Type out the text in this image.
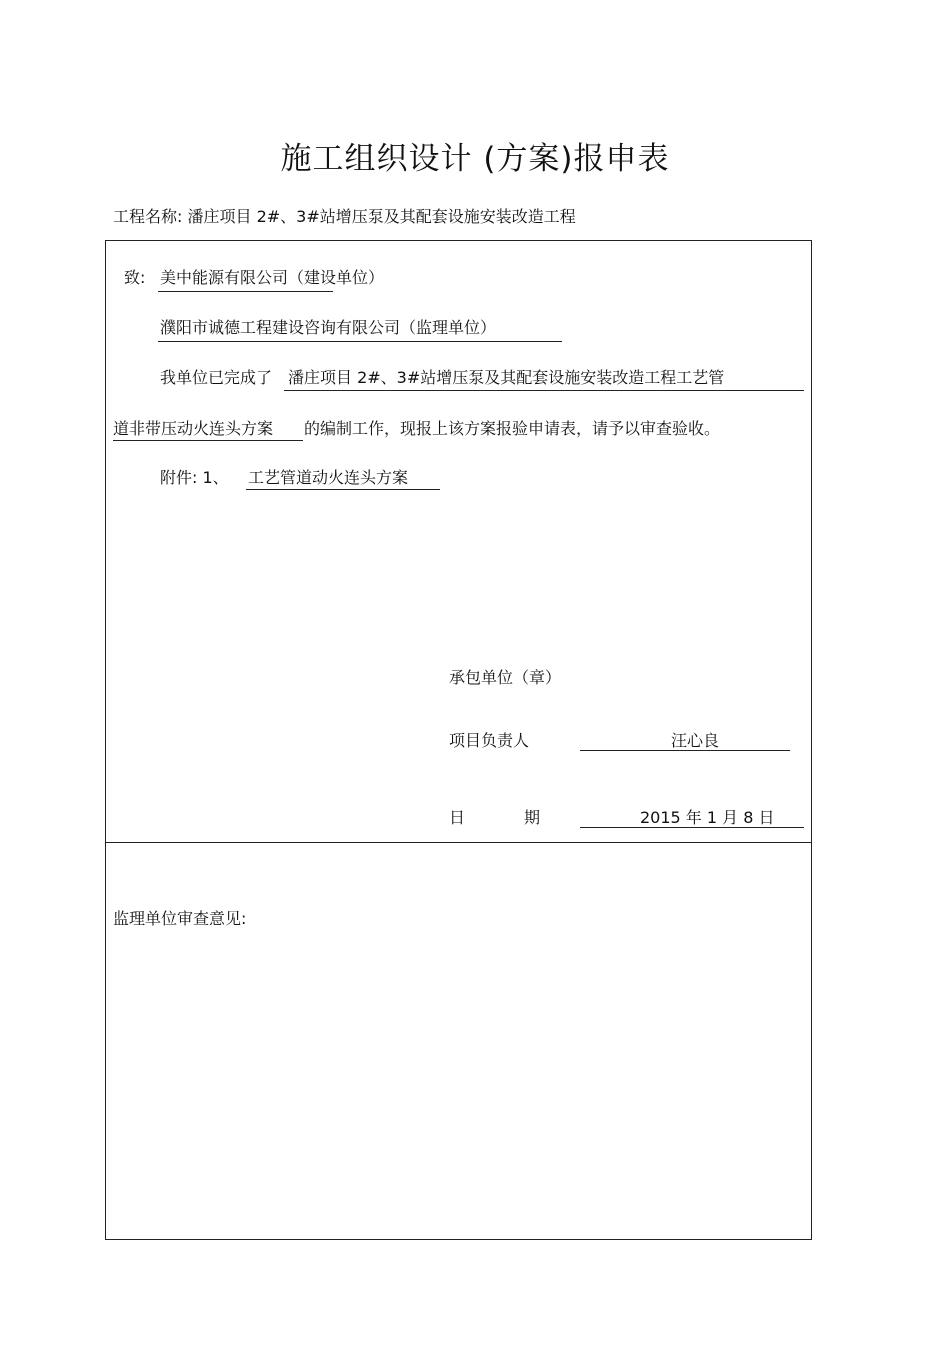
施工组织设计 (方案)报申表
工程名称: 潘庄项目 2#、3#站增压泵及其配套设施安装改造工程
致: 美中能源有限公司（建设单位）
濮阳市诚德工程建设咨询有限公司（监理单位）
我单位已完成了 潘庄项目 2#、3#站增压泵及其配套设施安装改造工程工艺管
道非带压动火连头方案 的编制工作，现报上该方案报验申请表，请予以审查验收。
附件: 1、 工艺管道动火连头方案
承包单位（章）
项目负责人	汪心良
日	期	2015 年 1 月 8 日
监理单位审查意见:
